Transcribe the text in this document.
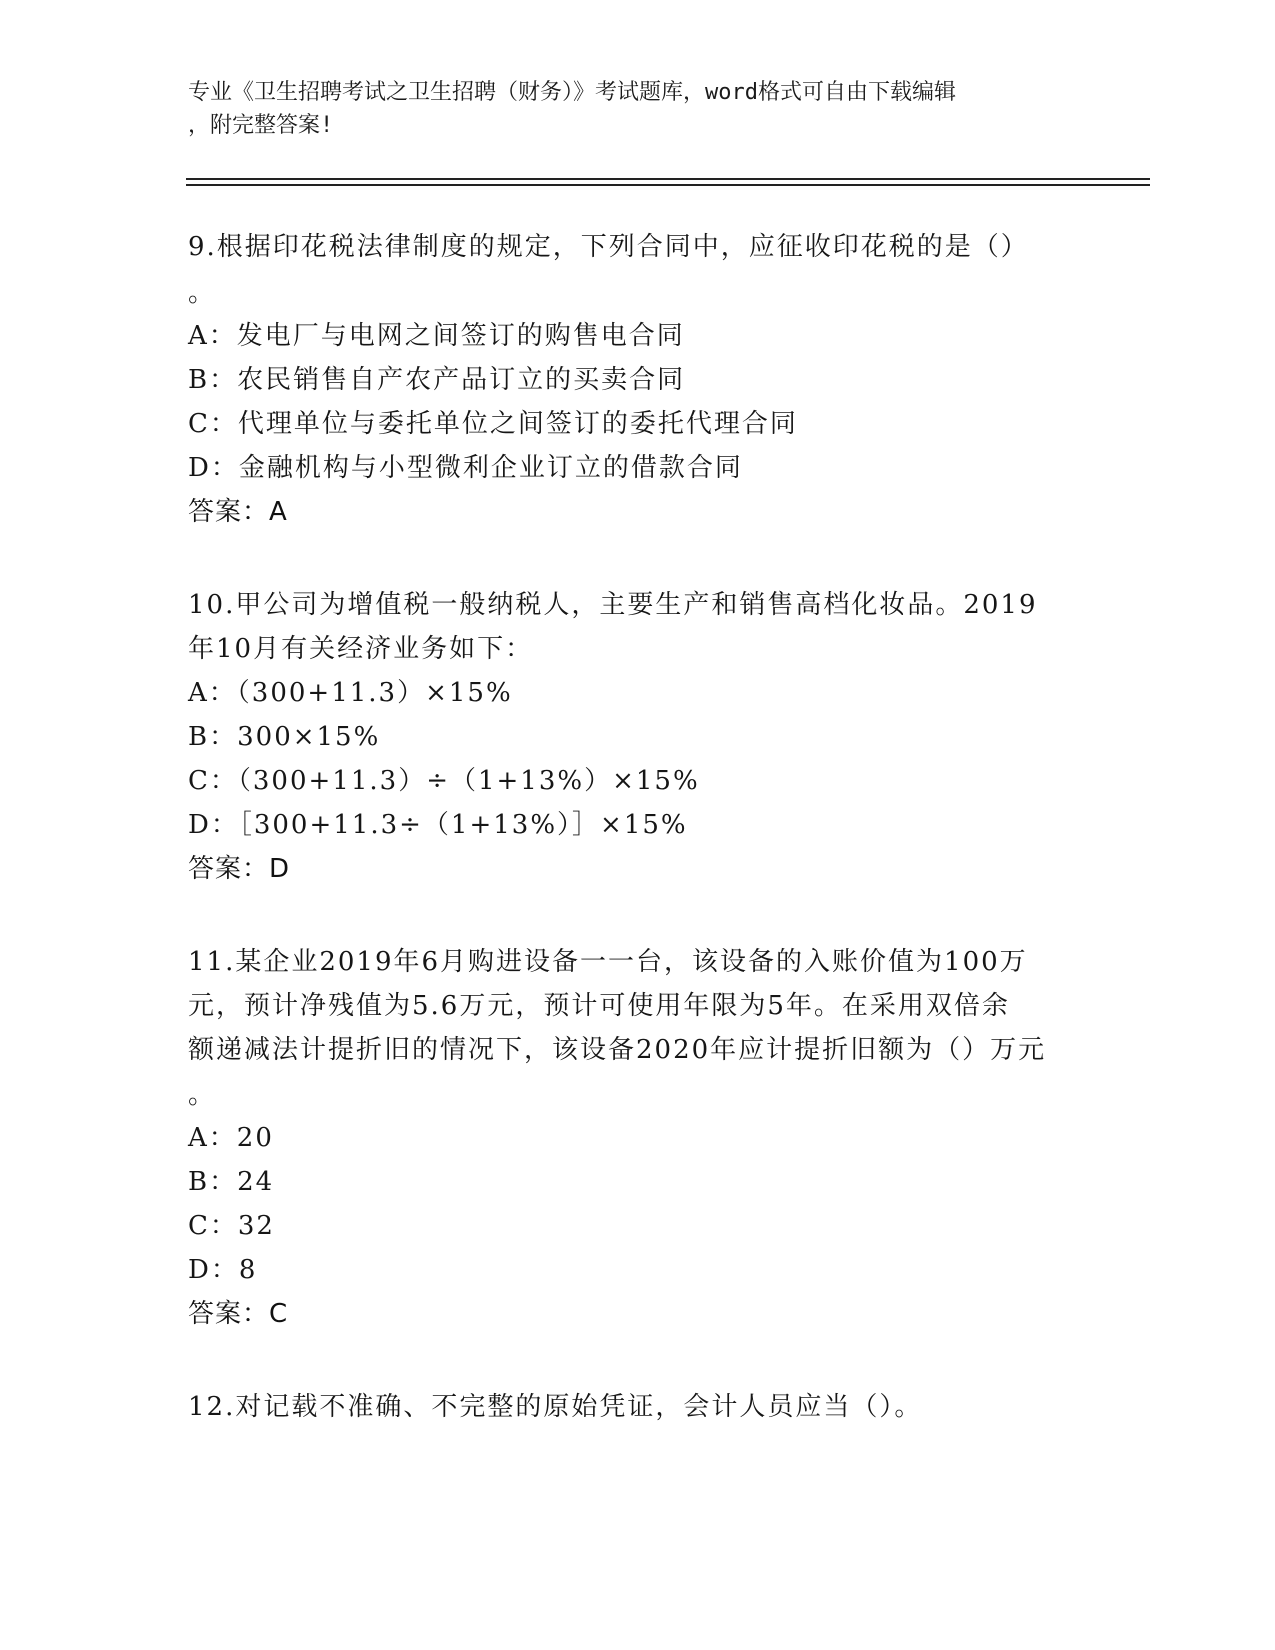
专业《卫生招聘考试之卫生招聘（财务）》考试题库，word格式可自由下载编辑
，附完整答案!
9.根据印花税法律制度的规定，下列合同中，应征收印花税的是（）
。
A：发电厂与电网之间签订的购售电合同
B：农民销售自产农产品订立的买卖合同
C：代理单位与委托单位之间签订的委托代理合同
D：金融机构与小型微利企业订立的借款合同
答案：A
10.甲公司为增值税一般纳税人，主要生产和销售高档化妆品。2019
年10月有关经济业务如下：
A：（300+11.3）×15%
B：300×15%
C：（300+11.3）÷（1+13%）×15%
D：［300+11.3÷（1+13%）］×15%
答案：D
11.某企业2019年6月购进设备一一台，该设备的入账价值为100万
元，预计净残值为5.6万元，预计可使用年限为5年。在采用双倍余
额递减法计提折旧的情况下，该设备2020年应计提折旧额为（）万元
。
A：20
B：24
C：32
D：8
答案：C
12.对记载不准确、不完整的原始凭证，会计人员应当（）。
